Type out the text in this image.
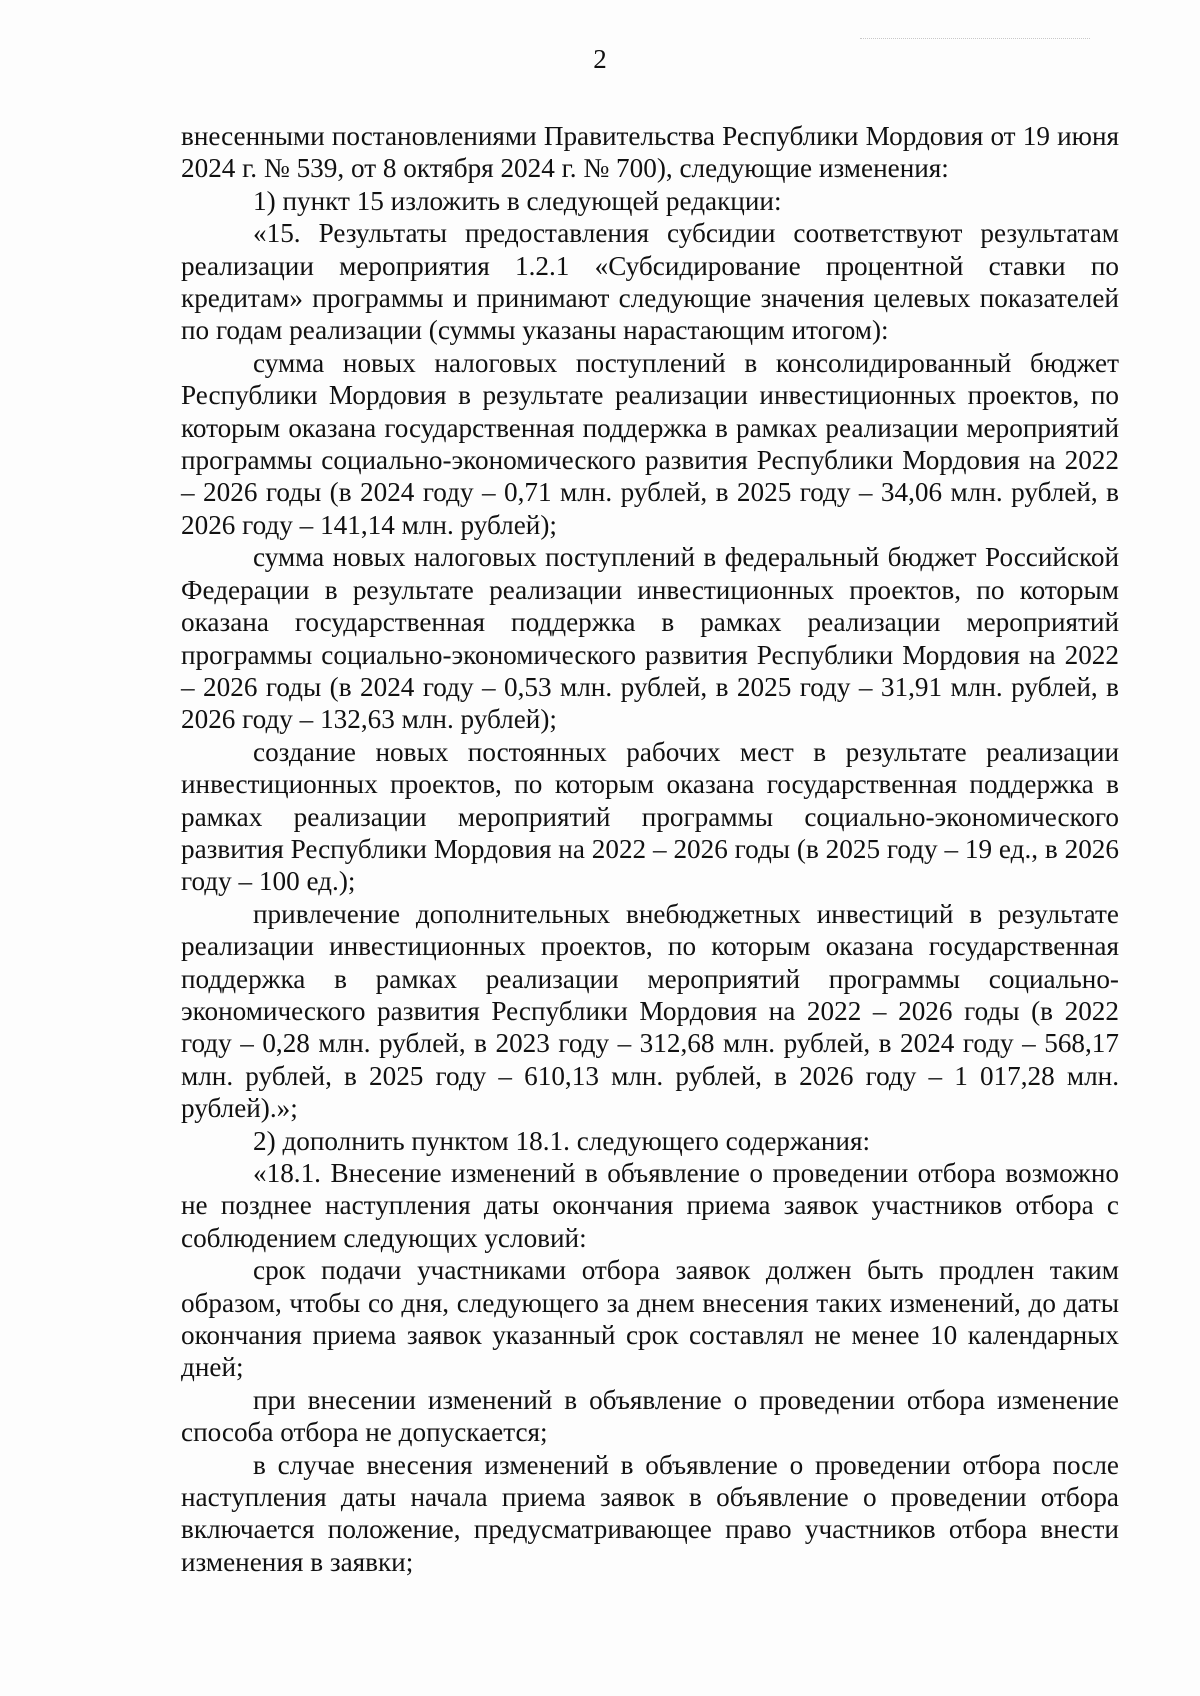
2

внесенными постановлениями Правительства Республики Мордовия от 19 июня 2024 г. № 539, от 8 октября 2024 г. № 700), следующие изменения:

1) пункт 15 изложить в следующей редакции:

«15. Результаты предоставления субсидии соответствуют результатам реализации мероприятия 1.2.1 «Субсидирование процентной ставки по кредитам» программы и принимают следующие значения целевых показателей по годам реализации (суммы указаны нарастающим итогом):

сумма новых налоговых поступлений в консолидированный бюджет Республики Мордовия в результате реализации инвестиционных проектов, по которым оказана государственная поддержка в рамках реализации мероприятий программы социально-экономического развития Республики Мордовия на 2022 – 2026 годы (в 2024 году – 0,71 млн. рублей, в 2025 году – 34,06 млн. рублей, в 2026 году – 141,14 млн. рублей);

сумма новых налоговых поступлений в федеральный бюджет Российской Федерации в результате реализации инвестиционных проектов, по которым оказана государственная поддержка в рамках реализации мероприятий программы социально-экономического развития Республики Мордовия на 2022 – 2026 годы (в 2024 году – 0,53 млн. рублей, в 2025 году – 31,91 млн. рублей, в 2026 году – 132,63 млн. рублей);

создание новых постоянных рабочих мест в результате реализации инвестиционных проектов, по которым оказана государственная поддержка в рамках реализации мероприятий программы социально-экономического развития Республики Мордовия на 2022 – 2026 годы (в 2025 году – 19 ед., в 2026 году – 100 ед.);

привлечение дополнительных внебюджетных инвестиций в результате реализации инвестиционных проектов, по которым оказана государственная поддержка в рамках реализации мероприятий программы социально-экономического развития Республики Мордовия на 2022 – 2026 годы (в 2022 году – 0,28 млн. рублей, в 2023 году – 312,68 млн. рублей, в 2024 году – 568,17 млн. рублей, в 2025 году – 610,13 млн. рублей, в 2026 году – 1 017,28 млн. рублей).»;

2) дополнить пунктом 18.1. следующего содержания:

«18.1. Внесение изменений в объявление о проведении отбора возможно не позднее наступления даты окончания приема заявок участников отбора с соблюдением следующих условий:

срок подачи участниками отбора заявок должен быть продлен таким образом, чтобы со дня, следующего за днем внесения таких изменений, до даты окончания приема заявок указанный срок составлял не менее 10 календарных дней;

при внесении изменений в объявление о проведении отбора изменение способа отбора не допускается;

в случае внесения изменений в объявление о проведении отбора после наступления даты начала приема заявок в объявление о проведении отбора включается положение, предусматривающее право участников отбора внести изменения в заявки;
